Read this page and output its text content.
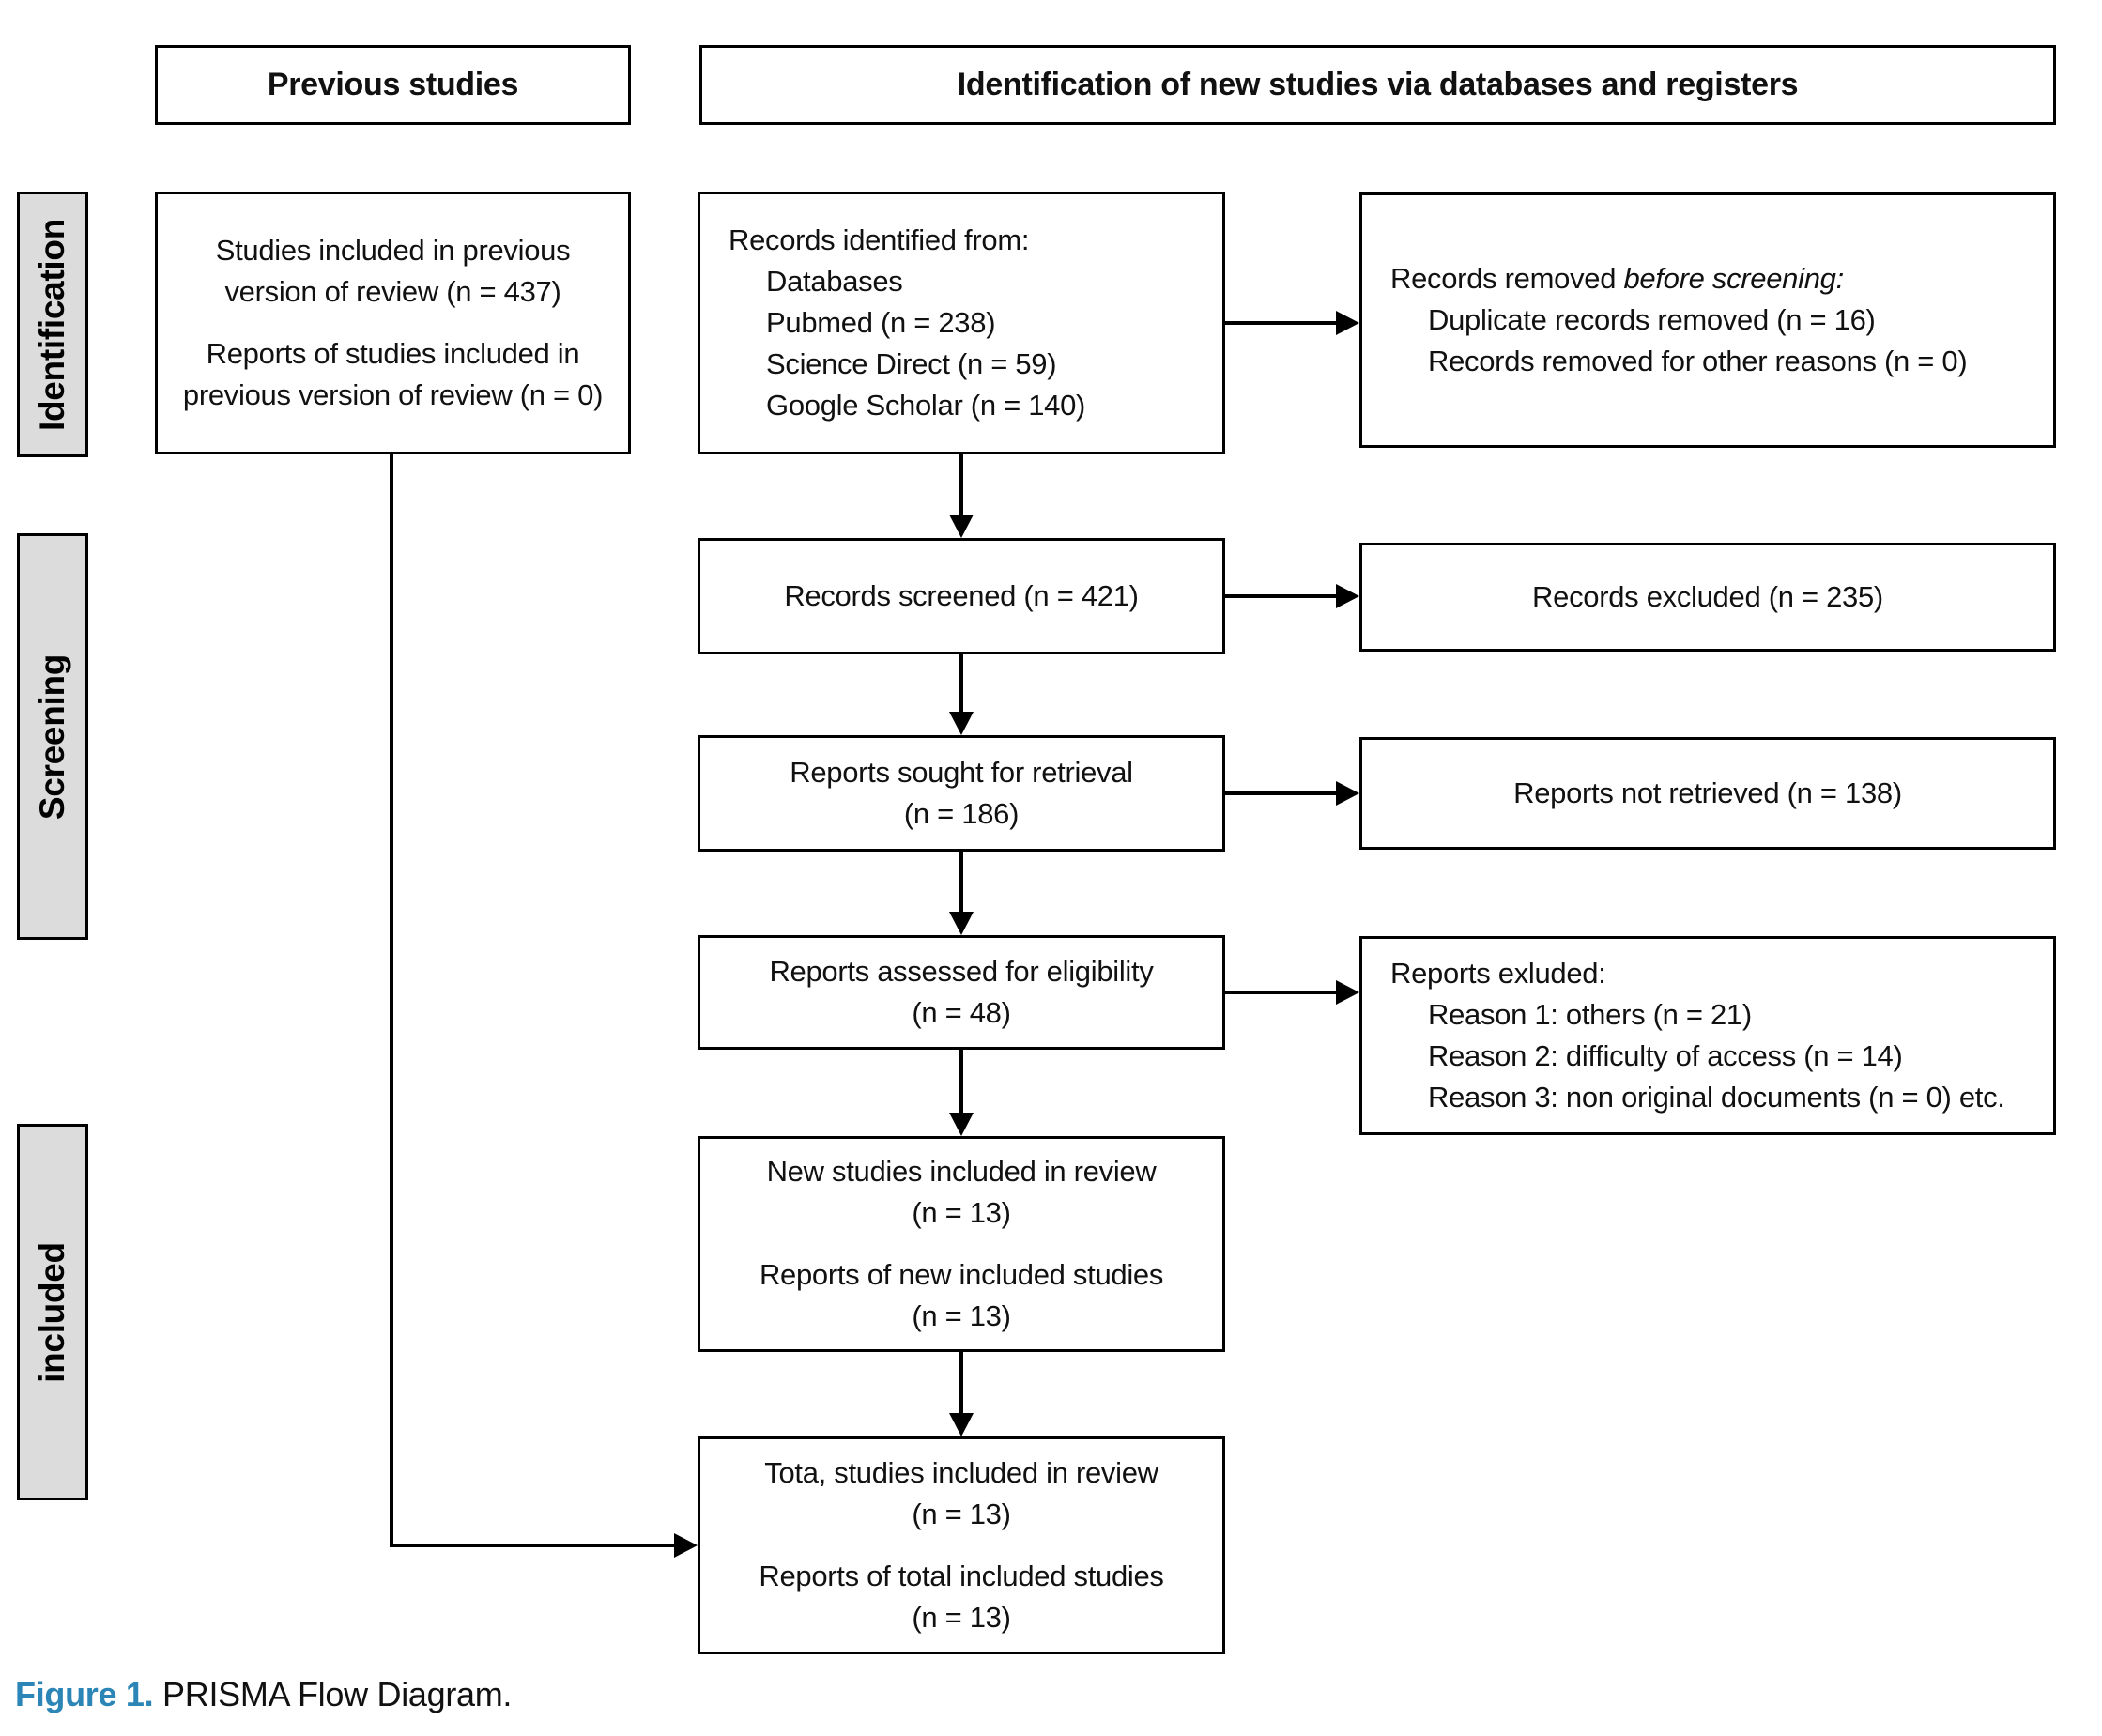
Previous studies	Identification of new studies via databases and registers
Identification
Screening
included
Studies included in previous version of review (n = 437)
Reports of studies included in previous version of review (n = 0)
Records identified from:
Databases
Pubmed (n = 238)
Science Direct (n = 59)
Google Scholar (n = 140)
Records screened (n = 421)
Reports sought for retrieval
(n = 186)
Reports assessed for eligibility
(n = 48)
New studies included in review
(n = 13)
Reports of new included studies
(n = 13)
Tota, studies included in review
(n = 13)
Reports of total included studies
(n = 13)
Records removed before screening:
Duplicate records removed (n = 16)
Records removed for other reasons (n = 0)
Records excluded (n = 235)
Reports not retrieved (n = 138)
Reports exluded:
Reason 1: others (n = 21)
Reason 2: difficulty of access (n = 14)
Reason 3: non original documents (n = 0) etc.
Figure 1. PRISMA Flow Diagram.
